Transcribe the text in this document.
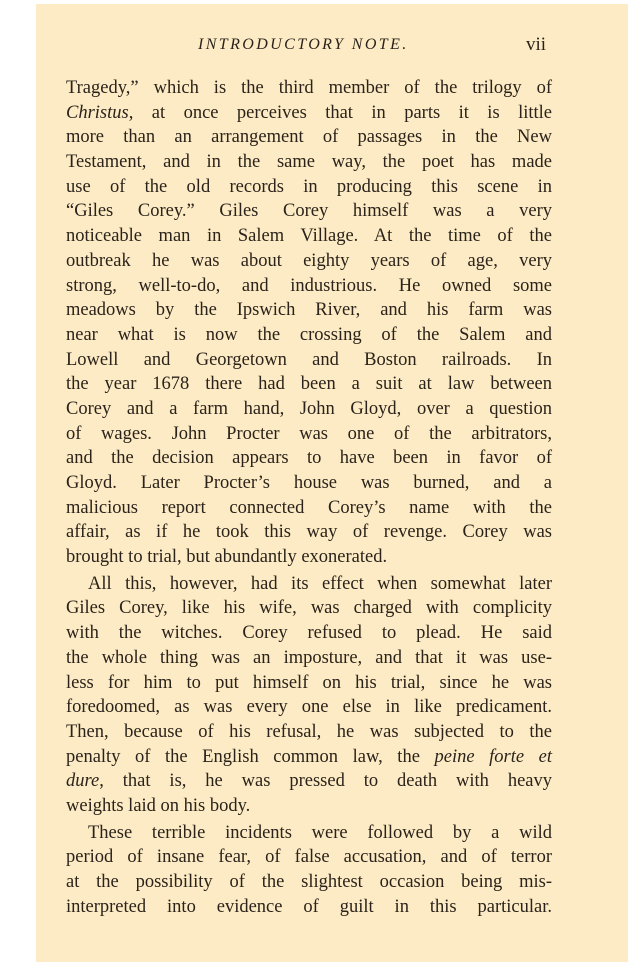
INTRODUCTORY NOTE.	vii
Tragedy,” which is the third member of the trilogy of
Christus, at once perceives that in parts it is little
more than an arrangement of passages in the New
Testament, and in the same way, the poet has made
use of the old records in producing this scene in
“Giles Corey.” Giles Corey himself was a very
noticeable man in Salem Village. At the time of the
outbreak he was about eighty years of age, very
strong, well-to-do, and industrious. He owned some
meadows by the Ipswich River, and his farm was
near what is now the crossing of the Salem and
Lowell and Georgetown and Boston railroads. In
the year 1678 there had been a suit at law between
Corey and a farm hand, John Gloyd, over a question
of wages. John Procter was one of the arbitrators,
and the decision appears to have been in favor of
Gloyd. Later Procter’s house was burned, and a
malicious report connected Corey’s name with the
affair, as if he took this way of revenge. Corey was
brought to trial, but abundantly exonerated.
All this, however, had its effect when somewhat later
Giles Corey, like his wife, was charged with complicity
with the witches. Corey refused to plead. He said
the whole thing was an imposture, and that it was use-
less for him to put himself on his trial, since he was
foredoomed, as was every one else in like predicament.
Then, because of his refusal, he was subjected to the
penalty of the English common law, the peine forte et
dure, that is, he was pressed to death with heavy
weights laid on his body.
These terrible incidents were followed by a wild
period of insane fear, of false accusation, and of terror
at the possibility of the slightest occasion being mis-
interpreted into evidence of guilt in this particular.
